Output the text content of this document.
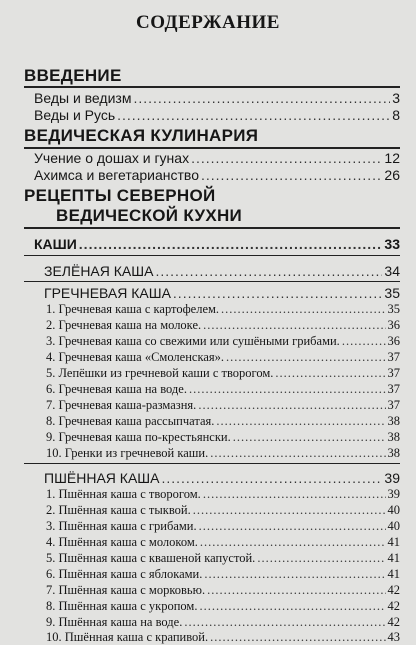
СОДЕРЖАНИЕ
ВВЕДЕНИЕ
Веды и ведизм .....	3
Веды и Русь .....	8
ВЕДИЧЕСКАЯ КУЛИНАРИЯ
Учение о дошах и гунах .....	12
Ахимса и вегетарианство .....	26
РЕЦЕПТЫ СЕВЕРНОЙ
ВЕДИЧЕСКОЙ КУХНИ
КАШИ .....	33
ЗЕЛЁНАЯ КАША .....	34
ГРЕЧНЕВАЯ КАША .....	35
1. Гречневая каша с картофелем. .....	35
2. Гречневая каша на молоке. .....	36
3. Гречневая каша со свежими или сушёными грибами. .....	36
4. Гречневая каша «Смоленская». .....	37
5. Лепёшки из гречневой каши с творогом. .....	37
6. Гречневая каша на воде. .....	37
7. Гречневая каша-размазня. .....	37
8. Гречневая каша рассыпчатая. .....	38
9. Гречневая каша по-крестьянски. .....	38
10. Гренки из гречневой каши. .....	38
ПШЁННАЯ КАША .....	39
1. Пшённая каша с творогом. .....	39
2. Пшённая каша с тыквой. .....	40
3. Пшённая каша с грибами. .....	40
4. Пшённая каша с молоком. .....	41
5. Пшённая каша с квашеной капустой. .....	41
6. Пшённая каша с яблоками. .....	41
7. Пшённая каша с морковью. .....	42
8. Пшённая каша с укропом. .....	42
9. Пшённая каша на воде. .....	42
10. Пшённая каша с крапивой. .....	43
